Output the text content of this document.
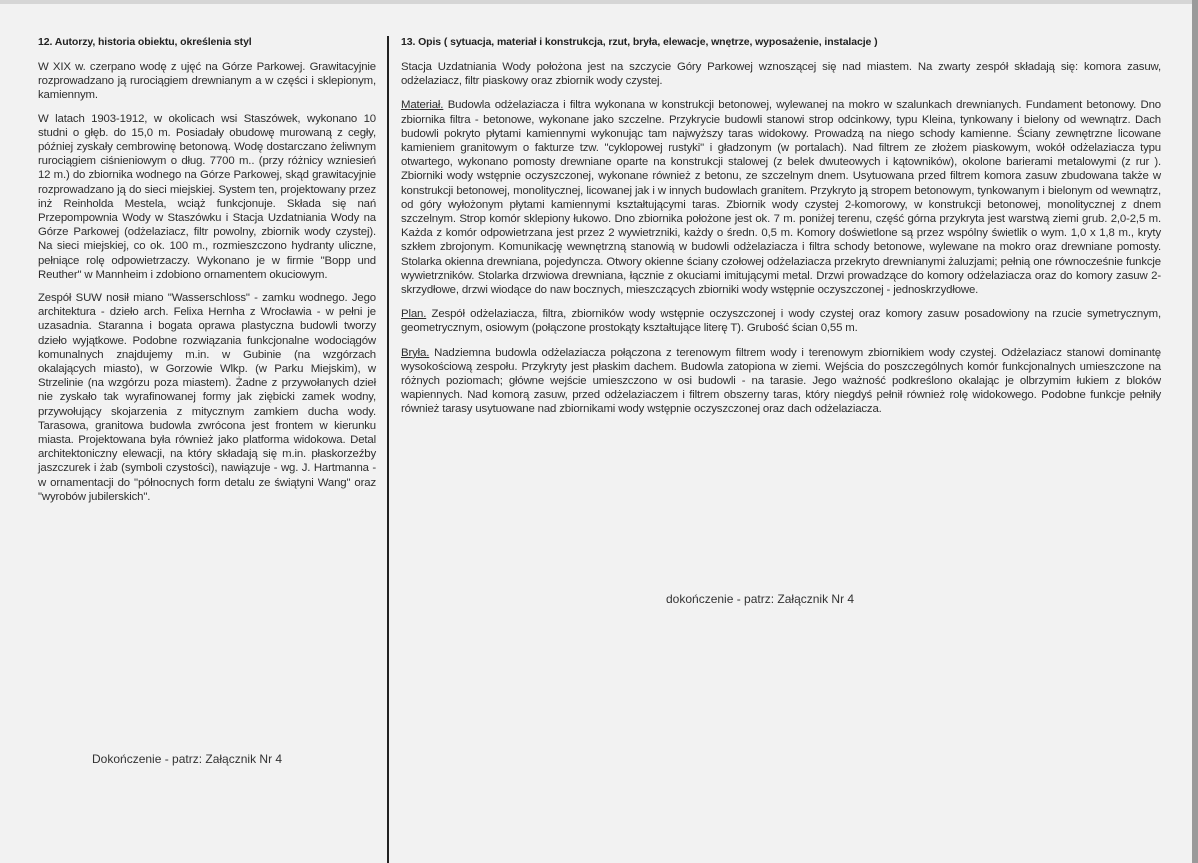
12. Autorzy, historia obiektu, określenia styl

W XIX w. czerpano wodę z ujęć na Górze Parkowej. Grawitacyjnie rozprowadzano ją rurociągiem drewnianym a w części i sklepionym, kamiennym.

W latach 1903-1912, w okolicach wsi Staszówek, wykonano 10 studni o głęb. do 15,0 m. Posiadały obudowę murowaną z cegły, później zyskały cembrowinę betonową. Wodę dostarczano żeliwnym rurociągiem ciśnieniowym o dług. 7700 m.. (przy różnicy wzniesień 12 m.) do zbiornika wodnego na Górze Parkowej, skąd grawitacyjnie rozprowadzano ją do sieci miejskiej. System ten, projektowany przez inż Reinholda Mestela, wciąż funkcjonuje. Składa się nań Przepompownia Wody w Staszówku i Stacja Uzdatniania Wody na Górze Parkowej (odżelaziacz, filtr powolny, zbiornik wody czystej). Na sieci miejskiej, co ok. 100 m., rozmieszczono hydranty uliczne, pełniące rolę odpowietrzaczy. Wykonano je w firmie "Bopp und Reuther" w Mannheim i zdobiono ornamentem okuciowym.

Zespół SUW nosił miano "Wasserschloss" - zamku wodnego. Jego architektura - dzieło arch. Felixa Hernha z Wrocławia - w pełni je uzasadnia. Staranna i bogata oprawa plastyczna budowli tworzy dzieło wyjątkowe. Podobne rozwiązania funkcjonalne wodociągów komunalnych znajdujemy m.in. w Gubinie (na wzgórzach okalających miasto), w Gorzowie Wlkp. (w Parku Miejskim), w Strzelinie (na wzgórzu poza miastem). Żadne z przywołanych dzieł nie zyskało tak wyrafinowanej formy jak ziębicki zamek wodny, przywołujący skojarzenia z mitycznym zamkiem ducha wody. Tarasowa, granitowa budowla zwrócona jest frontem w kierunku miasta. Projektowana była również jako platforma widokowa. Detal architektoniczny elewacji, na który składają się m.in. płaskorzeźby jaszczurek i żab (symboli czystości), nawiązuje - wg. J. Hartmanna - w ornamentacji do "północnych form detalu ze świątyni Wang" oraz "wyrobów jubilerskich".

Dokończenie - patrz: Załącznik Nr 4
13. Opis ( sytuacja, materiał i konstrukcja, rzut, bryła, elewacje, wnętrze, wyposażenie, instalacje )

Stacja Uzdatniania Wody położona jest na szczycie Góry Parkowej wznoszącej się nad miastem. Na zwarty zespół składają się: komora zasuw, odżelaziacz, filtr piaskowy oraz zbiornik wody czystej.

Materiał. Budowla odżelaziacza i filtra wykonana w konstrukcji betonowej, wylewanej na mokro w szalunkach drewnianych. Fundament betonowy. Dno zbiornika filtra - betonowe, wykonane jako szczelne. Przykrycie budowli stanowi strop odcinkowy, typu Kleina, tynkowany i bielony od wewnątrz. Dach budowli pokryto płytami kamiennymi wykonując tam najwyższy taras widokowy. Prowadzą na niego schody kamienne. Ściany zewnętrzne licowane kamieniem granitowym o fakturze tzw. "cyklopowej rustyki" i gładzonym (w portalach). Nad filtrem ze złożem piaskowym, wokół odżelaziacza typu otwartego, wykonano pomosty drewniane oparte na konstrukcji stalowej (z belek dwuteowych i kątowników), okolone barierami metalowymi (z rur ). Zbiorniki wody wstępnie oczyszczonej, wykonane również z betonu, ze szczelnym dnem. Usytuowana przed filtrem komora zasuw zbudowana także w konstrukcji betonowej, monolitycznej, licowanej jak i w innych budowlach granitem. Przykryto ją stropem betonowym, tynkowanym i bielonym od wewnątrz, od góry wyłożonym płytami kamiennymi kształtującymi taras. Zbiornik wody czystej 2-komorowy, w konstrukcji betonowej, monolitycznej z dnem szczelnym. Strop komór sklepiony łukowo. Dno zbiornika położone jest ok. 7 m. poniżej terenu, część górna przykryta jest warstwą ziemi grub. 2,0-2,5 m. Każda z komór odpowietrzana jest przez 2 wywietrzniki, każdy o średn. 0,5 m. Komory doświetlone są przez wspólny świetlik o wym. 1,0 x 1,8 m., kryty szkłem zbrojonym. Komunikację wewnętrzną stanowią w budowli odżelaziacza i filtra schody betonowe, wylewane na mokro oraz drewniane pomosty. Stolarka okienna drewniana, pojedyncza. Otwory okienne ściany czołowej odżelaziacza przekryto drewnianymi żaluzjami; pełnią one równocześnie funkcje wywietrzników. Stolarka drzwiowa drewniana, łącznie z okuciami imitującymi metal. Drzwi prowadzące do komory odżelaziacza oraz do komory zasuw 2-skrzydłowe, drzwi wiodące do naw bocznych, mieszczących zbiorniki wody wstępnie oczyszczonej - jednoskrzydłowe.

Plan. Zespół odżelaziacza, filtra, zbiorników wody wstępnie oczyszczonej i wody czystej oraz komory zasuw posadowiony na rzucie symetrycznym, geometrycznym, osiowym (połączone prostokąty kształtujące literę T). Grubość ścian 0,55 m.

Bryła. Nadziemna budowla odżelaziacza połączona z terenowym filtrem wody i terenowym zbiornikiem wody czystej. Odżelaziacz stanowi dominantę wysokościową zespołu. Przykryty jest płaskim dachem. Budowla zatopiona w ziemi. Wejścia do poszczególnych komór funkcjonalnych umieszczone na różnych poziomach; główne wejście umieszczono w osi budowli - na tarasie. Jego ważność podkreślono okalając je olbrzymim łukiem z bloków wapiennych. Nad komorą zasuw, przed odżelaziaczem i filtrem obszerny taras, który niegdyś pełnił również rolę widokowego. Podobne funkcje pełniły również tarasy usytuowane nad zbiornikami wody wstępnie oczyszczonej oraz dach odżelaziacza.

dokończenie - patrz: Załącznik Nr 4
